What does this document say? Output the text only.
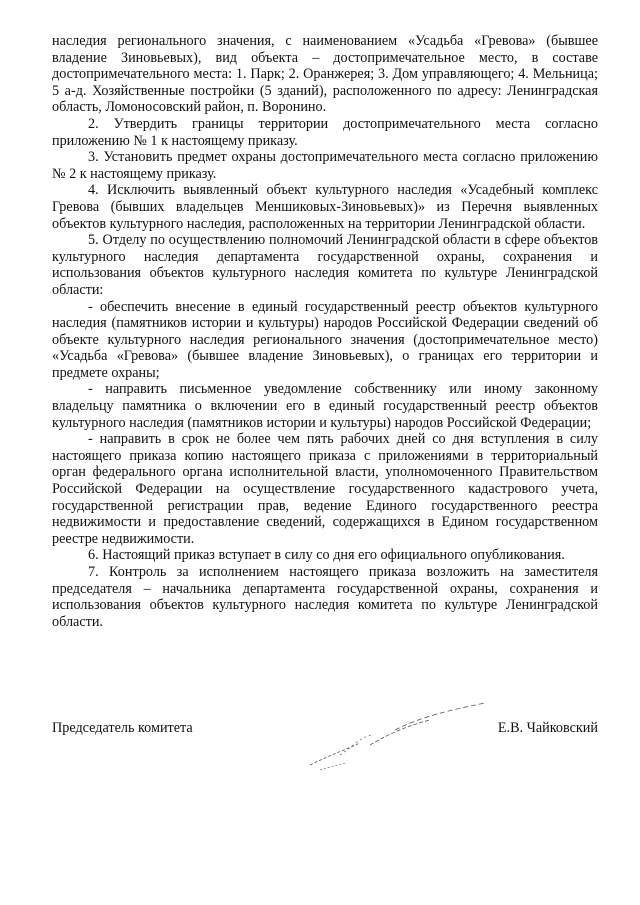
наследия регионального значения, с наименованием «Усадьба «Гревова» (бывшее владение Зиновьевых), вид объекта – достопримечательное место, в составе достопримечательного места: 1. Парк; 2. Оранжерея; 3. Дом управляющего; 4. Мельница; 5 а-д. Хозяйственные постройки (5 зданий), расположенного по адресу: Ленинградская область, Ломоносовский район, п. Воронино.

2. Утвердить границы территории достопримечательного места согласно приложению № 1 к настоящему приказу.

3. Установить предмет охраны достопримечательного места согласно приложению № 2 к настоящему приказу.

4. Исключить выявленный объект культурного наследия «Усадебный комплекс Гревова (бывших владельцев Меншиковых-Зиновьевых)» из Перечня выявленных объектов культурного наследия, расположенных на территории Ленинградской области.

5. Отделу по осуществлению полномочий Ленинградской области в сфере объектов культурного наследия департамента государственной охраны, сохранения и использования объектов культурного наследия комитета по культуре Ленинградской области:

- обеспечить внесение в единый государственный реестр объектов культурного наследия (памятников истории и культуры) народов Российской Федерации сведений об объекте культурного наследия регионального значения (достопримечательное место) «Усадьба «Гревова» (бывшее владение Зиновьевых), о границах его территории и предмете охраны;

- направить письменное уведомление собственнику или иному законному владельцу памятника о включении его в единый государственный реестр объектов культурного наследия (памятников истории и культуры) народов Российской Федерации;

- направить в срок не более чем пять рабочих дней со дня вступления в силу настоящего приказа копию настоящего приказа с приложениями в территориальный орган федерального органа исполнительной власти, уполномоченного Правительством Российской Федерации на осуществление государственного кадастрового учета, государственной регистрации прав, ведение Единого государственного реестра недвижимости и предоставление сведений, содержащихся в Едином государственном реестре недвижимости.

6. Настоящий приказ вступает в силу со дня его официального опубликования.

7. Контроль за исполнением настоящего приказа возложить на заместителя председателя – начальника департамента государственной охраны, сохранения и использования объектов культурного наследия комитета по культуре Ленинградской области.

Председатель комитета	Е.В. Чайковский
